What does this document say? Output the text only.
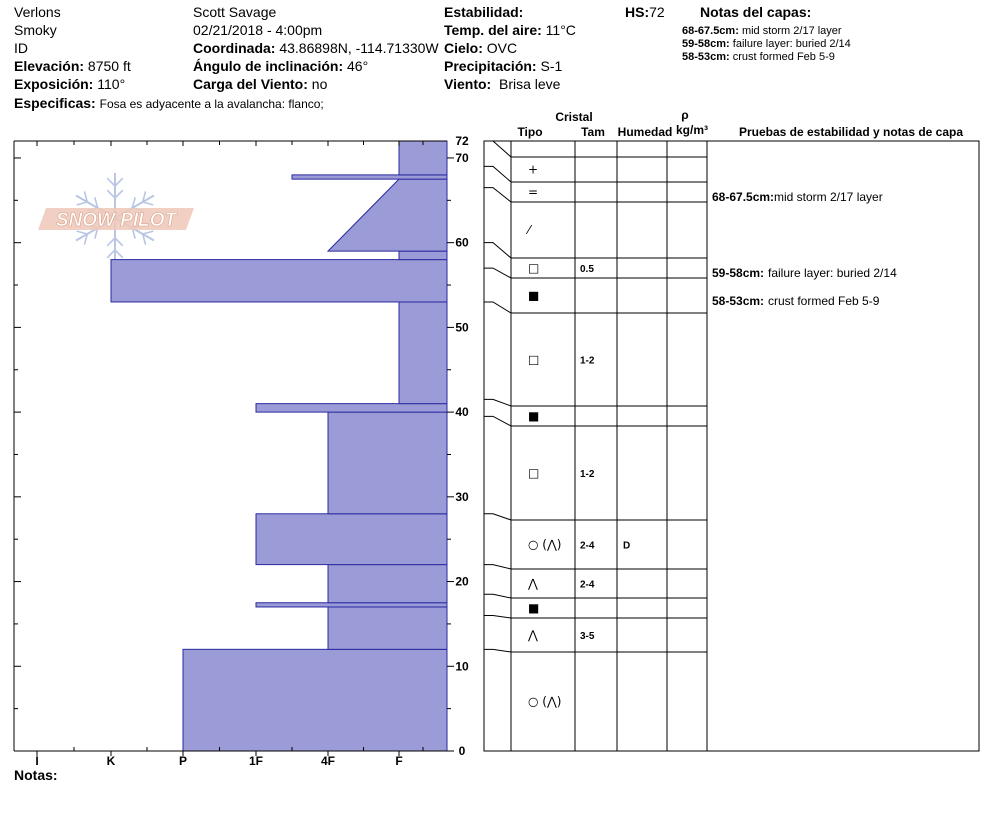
Verlons
Smoky
ID
Elevación: 8750 ft
Exposición: 110°
Especificas: Fosa es adyacente a la avalancha: flanco;
Scott Savage
02/21/2018 - 4:00pm
Coordinada: 43.86898N, -114.71330W
Ángulo de inclinación: 46°
Carga del Viento: no
Estabilidad:
Temp. del aire: 11°C
Cielo: OVC
Precipitación: S-1
Viento: Brisa leve
HS:72	Notas del capas:
68-67.5cm: mid storm 2/17 layer
59-58cm: failure layer: buried 2/14
58-53cm: crust formed Feb 5-9
SNOW PILOT
I	K	P	1F	4F	F
0
10
20
30
40
50
60
70
72
Cristal
Tipo	Tam Humedad
ρ
kg/m³	Pruebas de estabilidad y notas de capa
○ (⋀)
⋀	3-5
■
⋀	2-4
○ (⋀) 2-4	D
□	1-2
■
□	1-2
■
□	0.5
⁄
=
+
68-67.5cm: mid storm 2/17 layer
59-58cm: failure layer: buried 2/14
58-53cm: crust formed Feb 5-9
Notas:
